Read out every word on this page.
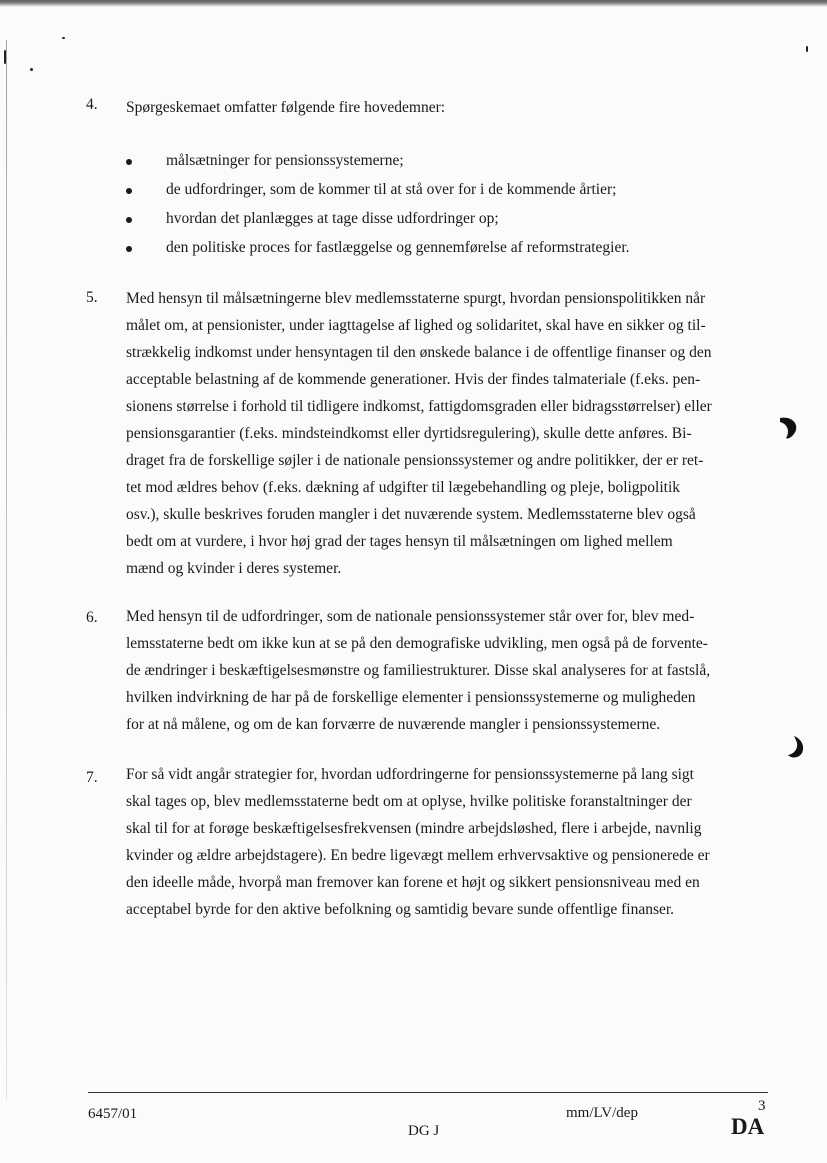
4. Spørgeskemaet omfatter følgende fire hovedemner:
målsætninger for pensionssystemerne;
de udfordringer, som de kommer til at stå over for i de kommende årtier;
hvordan det planlægges at tage disse udfordringer op;
den politiske proces for fastlæggelse og gennemførelse af reformstrategier.
5. Med hensyn til målsætningerne blev medlemsstaterne spurgt, hvordan pensionspolitikken når
målet om, at pensionister, under iagttagelse af lighed og solidaritet, skal have en sikker og til-
strækkelig indkomst under hensyntagen til den ønskede balance i de offentlige finanser og den
acceptable belastning af de kommende generationer. Hvis der findes talmateriale (f.eks. pen-
sionens størrelse i forhold til tidligere indkomst, fattigdomsgraden eller bidragsstørrelser) eller
pensionsgarantier (f.eks. mindsteindkomst eller dyrtidsregulering), skulle dette anføres. Bi-
draget fra de forskellige søjler i de nationale pensionssystemer og andre politikker, der er ret-
tet mod ældres behov (f.eks. dækning af udgifter til lægebehandling og pleje, boligpolitik
osv.), skulle beskrives foruden mangler i det nuværende system. Medlemsstaterne blev også
bedt om at vurdere, i hvor høj grad der tages hensyn til målsætningen om lighed mellem
mænd og kvinder i deres systemer.
6. Med hensyn til de udfordringer, som de nationale pensionssystemer står over for, blev med-
lemsstaterne bedt om ikke kun at se på den demografiske udvikling, men også på de forvente-
de ændringer i beskæftigelsesmønstre og familiestrukturer. Disse skal analyseres for at fastslå,
hvilken indvirkning de har på de forskellige elementer i pensionssystemerne og muligheden
for at nå målene, og om de kan forværre de nuværende mangler i pensionssystemerne.
7. For så vidt angår strategier for, hvordan udfordringerne for pensionssystemerne på lang sigt
skal tages op, blev medlemsstaterne bedt om at oplyse, hvilke politiske foranstaltninger der
skal til for at forøge beskæftigelsesfrekvensen (mindre arbejdsløshed, flere i arbejde, navnlig
kvinder og ældre arbejdstagere). En bedre ligevægt mellem erhvervsaktive og pensionerede er
den ideelle måde, hvorpå man fremover kan forene et højt og sikkert pensionsniveau med en
acceptabel byrde for den aktive befolkning og samtidig bevare sunde offentlige finanser.
6457/01
DG J
mm/LV/dep	3
DA
